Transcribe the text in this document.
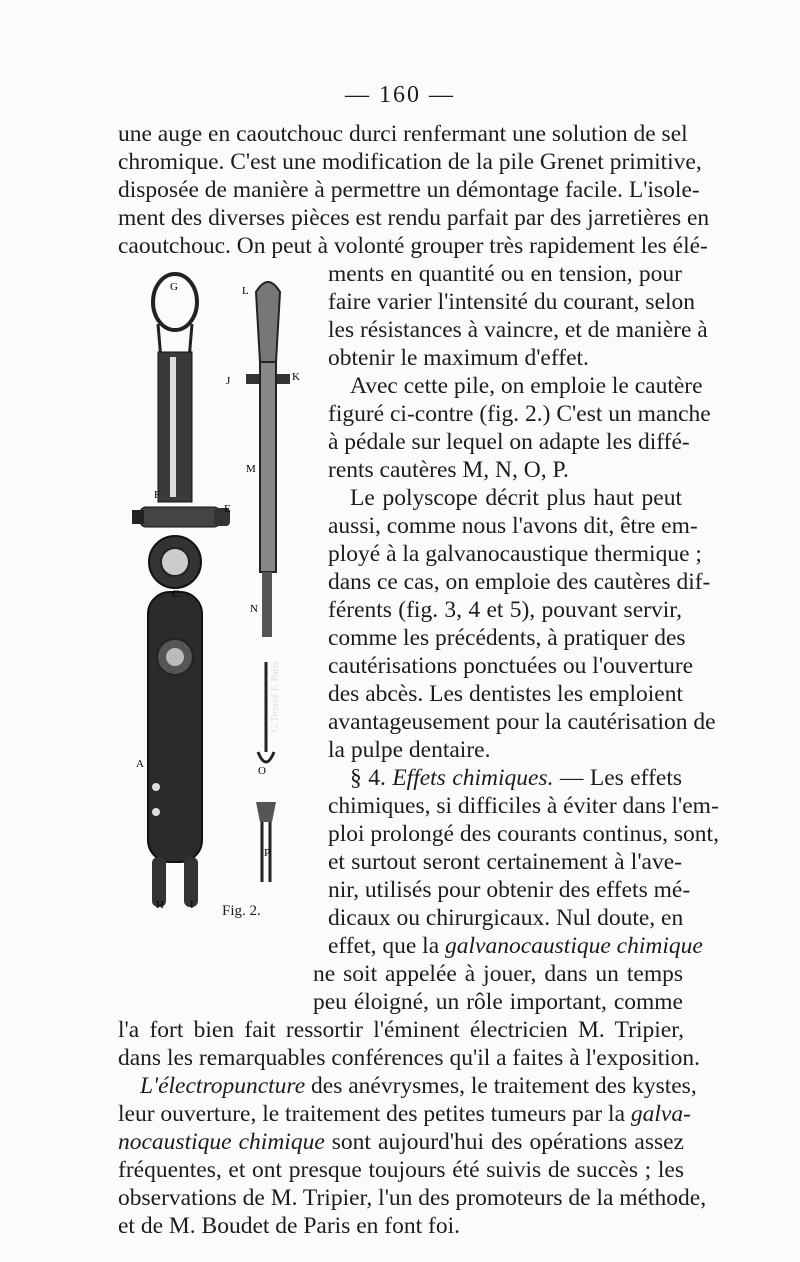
— 160 —
une auge en caoutchouc durci renfermant une solution de sel
chromique. C'est une modification de la pile Grenet primitive,
disposée de manière à permettre un démontage facile. L'isole-
ment des diverses pièces est rendu parfait par des jarretières en
caoutchouc. On peut à volonté grouper très rapidement les élé-
ments en quantité ou en tension, pour
faire varier l'intensité du courant, selon
les résistances à vaincre, et de manière à
obtenir le maximum d'effet.
Avec cette pile, on emploie le cautère
figuré ci-contre (fig. 2.) C'est un manche
à pédale sur lequel on adapte les diffé-
rents cautères M, N, O, P.
Le polyscope décrit plus haut peut
aussi, comme nous l'avons dit, être em-
ployé à la galvanocaustique thermique ;
dans ce cas, on emploie des cautères dif-
férents (fig. 3, 4 et 5), pouvant servir,
comme les précédents, à pratiquer des
cautérisations ponctuées ou l'ouverture
des abcès. Les dentistes les emploient
avantageusement pour la cautérisation de
la pulpe dentaire.
§ 4. Effets chimiques. — Les effets
chimiques, si difficiles à éviter dans l'em-
ploi prolongé des courants continus, sont,
et surtout seront certainement à l'ave-
nir, utilisés pour obtenir des effets mé-
dicaux ou chirurgicaux. Nul doute, en
effet, que la galvanocaustique chimique
ne soit appelée à jouer, dans un temps
peu éloigné, un rôle important, comme
l'a fort bien fait ressortir l'éminent électricien M. Tripier,
dans les remarquables conférences qu'il a faites à l'exposition.
L'électropuncture des anévrysmes, le traitement des kystes,
leur ouverture, le traitement des petites tumeurs par la galva-
nocaustique chimique sont aujourd'hui des opérations assez
fréquentes, et ont presque toujours été suivis de succès ; les
observations de M. Tripier, l'un des promoteurs de la méthode,
et de M. Boudet de Paris en font foi.
G	L
J	K
M
F
E
C
N
A
O
P
H I
G.Trouvé F. Paris
Fig. 2.
